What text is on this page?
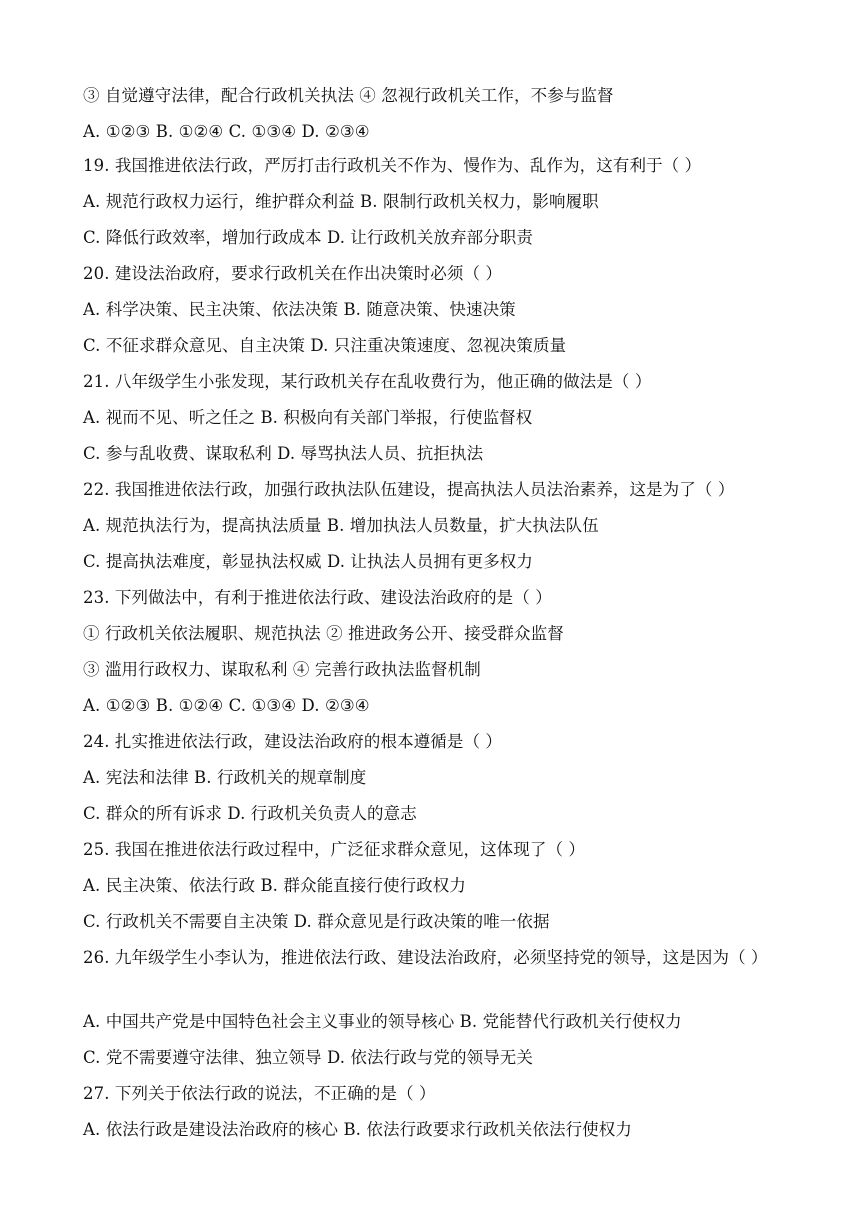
③ 自觉遵守法律，配合行政机关执法 ④ 忽视行政机关工作，不参与监督
A. ①②③ B. ①②④ C. ①③④ D. ②③④
19. 我国推进依法行政，严厉打击行政机关不作为、慢作为、乱作为，这有利于（ ）
A. 规范行政权力运行，维护群众利益 B. 限制行政机关权力，影响履职
C. 降低行政效率，增加行政成本 D. 让行政机关放弃部分职责
20. 建设法治政府，要求行政机关在作出决策时必须（ ）
A. 科学决策、民主决策、依法决策 B. 随意决策、快速决策
C. 不征求群众意见、自主决策 D. 只注重决策速度、忽视决策质量
21. 八年级学生小张发现，某行政机关存在乱收费行为，他正确的做法是（ ）
A. 视而不见、听之任之 B. 积极向有关部门举报，行使监督权
C. 参与乱收费、谋取私利 D. 辱骂执法人员、抗拒执法
22. 我国推进依法行政，加强行政执法队伍建设，提高执法人员法治素养，这是为了（ ）
A. 规范执法行为，提高执法质量 B. 增加执法人员数量，扩大执法队伍
C. 提高执法难度，彰显执法权威 D. 让执法人员拥有更多权力
23. 下列做法中，有利于推进依法行政、建设法治政府的是（ ）
① 行政机关依法履职、规范执法 ② 推进政务公开、接受群众监督
③ 滥用行政权力、谋取私利 ④ 完善行政执法监督机制
A. ①②③ B. ①②④ C. ①③④ D. ②③④
24. 扎实推进依法行政，建设法治政府的根本遵循是（ ）
A. 宪法和法律 B. 行政机关的规章制度
C. 群众的所有诉求 D. 行政机关负责人的意志
25. 我国在推进依法行政过程中，广泛征求群众意见，这体现了（ ）
A. 民主决策、依法行政 B. 群众能直接行使行政权力
C. 行政机关不需要自主决策 D. 群众意见是行政决策的唯一依据
26. 九年级学生小李认为，推进依法行政、建设法治政府，必须坚持党的领导，这是因为（ ）
A. 中国共产党是中国特色社会主义事业的领导核心 B. 党能替代行政机关行使权力
C. 党不需要遵守法律、独立领导 D. 依法行政与党的领导无关
27. 下列关于依法行政的说法，不正确的是（ ）
A. 依法行政是建设法治政府的核心 B. 依法行政要求行政机关依法行使权力
